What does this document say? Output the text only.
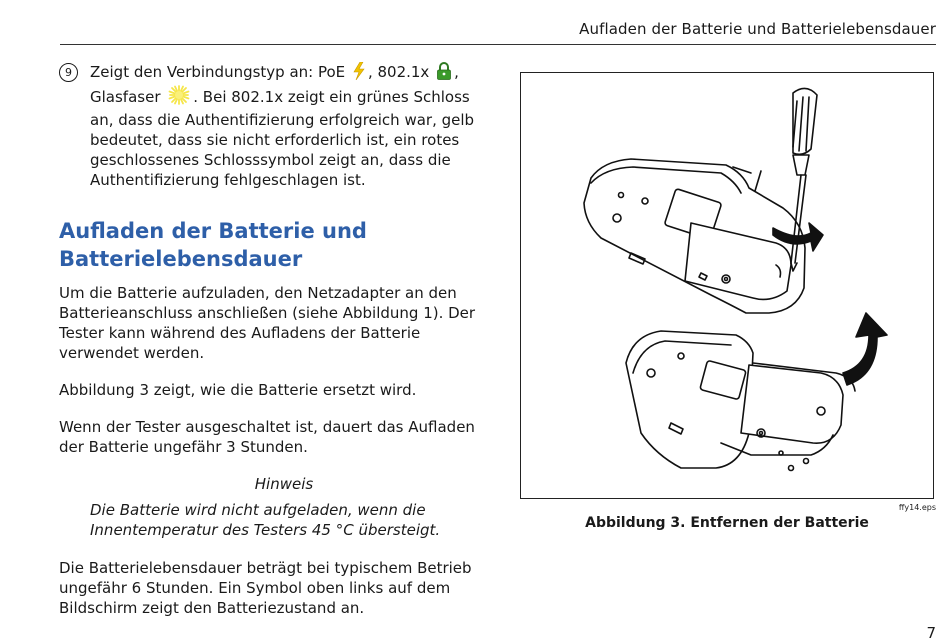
Aufladen der Batterie und Batterielebensdauer

9	Zeigt den Verbindungstyp an: PoE , 802.1x , Glasfaser . Bei 802.1x zeigt ein grünes Schloss an, dass die Authentifizierung erfolgreich war, gelb bedeutet, dass sie nicht erforderlich ist, ein rotes geschlossenes Schlosssymbol zeigt an, dass die Authentifizierung fehlgeschlagen ist.

Aufladen der Batterie und Batterielebensdauer

Um die Batterie aufzuladen, den Netzadapter an den Batterieanschluss anschließen (siehe Abbildung 1). Der Tester kann während des Aufladens der Batterie verwendet werden.

Abbildung 3 zeigt, wie die Batterie ersetzt wird.

Wenn der Tester ausgeschaltet ist, dauert das Aufladen der Batterie ungefähr 3 Stunden.

Hinweis
Die Batterie wird nicht aufgeladen, wenn die Innentemperatur des Testers 45 °C übersteigt.

Die Batterielebensdauer beträgt bei typischem Betrieb ungefähr 6 Stunden. Ein Symbol oben links auf dem Bildschirm zeigt den Batteriezustand an.

ffy14.eps
Abbildung 3. Entfernen der Batterie
7
